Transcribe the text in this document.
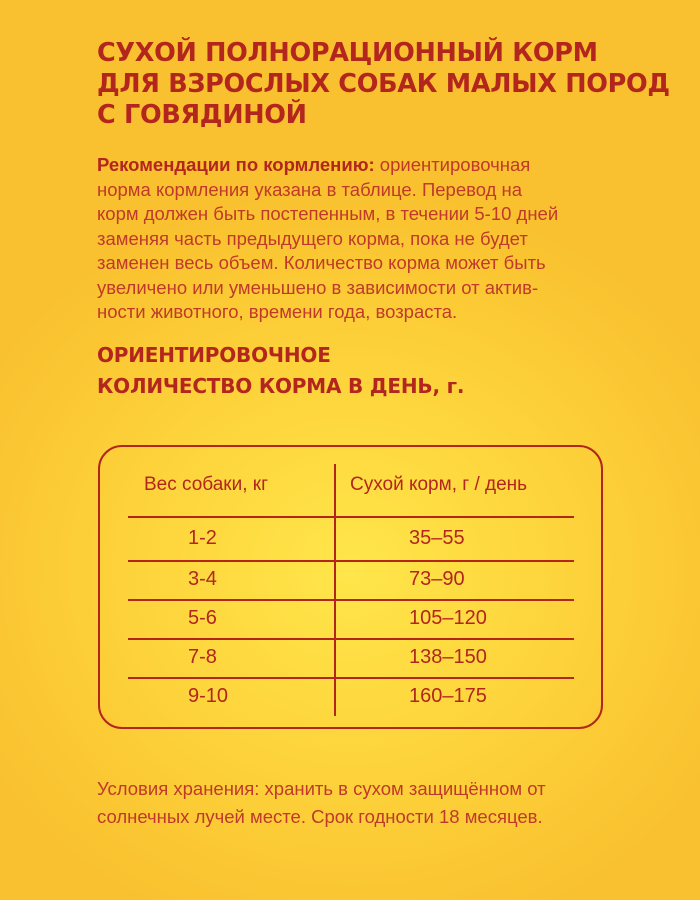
СУХОЙ ПОЛНОРАЦИОННЫЙ КОРМ
ДЛЯ ВЗРОСЛЫХ СОБАК МАЛЫХ ПОРОД
С ГОВЯДИНОЙ
Рекомендации по кормлению: ориентировочная
норма кормления указана в таблице. Перевод на
корм должен быть постепенным, в течении 5-10 дней
заменяя часть предыдущего корма, пока не будет
заменен весь объем. Количество корма может быть
увеличено или уменьшено в зависимости от актив-
ности животного, времени года, возраста.
ОРИЕНТИРОВОЧНОЕ
КОЛИЧЕСТВО КОРМА В ДЕНЬ, г.
Вес собаки, кг	Сухой корм, г / день
1-2	35–55
3-4	73–90
5-6	105–120
7-8	138–150
9-10	160–175
Условия хранения: хранить в сухом защищённом от
солнечных лучей месте. Срок годности 18 месяцев.
